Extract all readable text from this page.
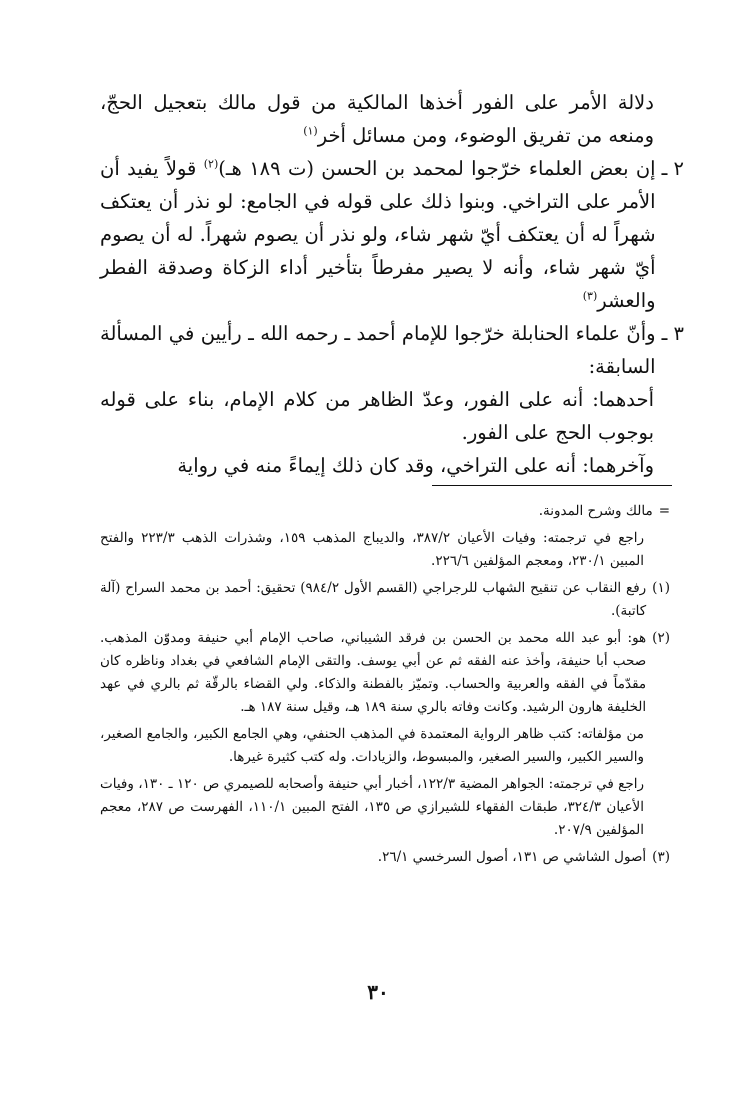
دلالة الأمر على الفور أخذها المالكية من قول مالك بتعجيل الحجّ، ومنعه من تفريق الوضوء، ومن مسائل أخر$^{(١)}$

٢ ـ
إن بعض العلماء خرّجوا لمحمد بن الحسن (ت ١٨٩ هـ)$^{(٢)}$ قولاً يفيد أن الأمر على التراخي. وبنوا ذلك على قوله في الجامع: لو نذر أن يعتكف شهراً له أن يعتكف أيّ شهر شاء، ولو نذر أن يصوم شهراً. له أن يصوم أيّ شهر شاء، وأنه لا يصير مفرطاً بتأخير أداء الزكاة وصدقة الفطر والعشر$^{(٣)}$
٣ ـ
وأنّ علماء الحنابلة خرّجوا للإمام أحمد ـ رحمه الله ـ رأيين في المسألة السابقة:

أحدهما: أنه على الفور، وعدّ الظاهر من كلام الإمام، بناء على قوله بوجوب الحج على الفور.

وآخرهما: أنه على التراخي، وقد كان ذلك إيماءً منه في رواية

=
مالك وشرح المدونة.
راجع في ترجمته: وفيات الأعيان ٣٨٧/٢، والديباج المذهب ١٥٩، وشذرات الذهب ٢٢٣/٣ والفتح المبين ٢٣٠/١، ومعجم المؤلفين ٢٢٦/٦.
(١)
رفع النقاب عن تنقيح الشهاب للرجراجي (القسم الأول ٩٨٤/٢) تحقيق: أحمد بن محمد السراح (آلة كاتبة).
(٢)
هو: أبو عبد الله محمد بن الحسن بن فرقد الشيباني، صاحب الإمام أبي حنيفة ومدوّن المذهب. صحب أبا حنيفة، وأخذ عنه الفقه ثم عن أبي يوسف. والتقى الإمام الشافعي في بغداد وناظره كان مقدّماً في الفقه والعربية والحساب. وتميّز بالفطنة والذكاء. ولي القضاء بالرقّة ثم بالري في عهد الخليفة هارون الرشيد. وكانت وفاته بالري سنة ١٨٩ هـ، وقيل سنة ١٨٧ هـ.
من مؤلفاته: كتب ظاهر الرواية المعتمدة في المذهب الحنفي، وهي الجامع الكبير، والجامع الصغير، والسير الكبير، والسير الصغير، والمبسوط، والزيادات. وله كتب كثيرة غيرها.
راجع في ترجمته: الجواهر المضية ١٢٢/٣، أخبار أبي حنيفة وأصحابه للصيمري ص ١٢٠ ـ ١٣٠، وفيات الأعيان ٣٢٤/٣، طبقات الفقهاء للشيرازي ص ١٣٥، الفتح المبين ١١٠/١، الفهرست ص ٢٨٧، معجم المؤلفين ٢٠٧/٩.
(٣)
أصول الشاشي ص ١٣١، أصول السرخسي ٢٦/١.
٣٠
